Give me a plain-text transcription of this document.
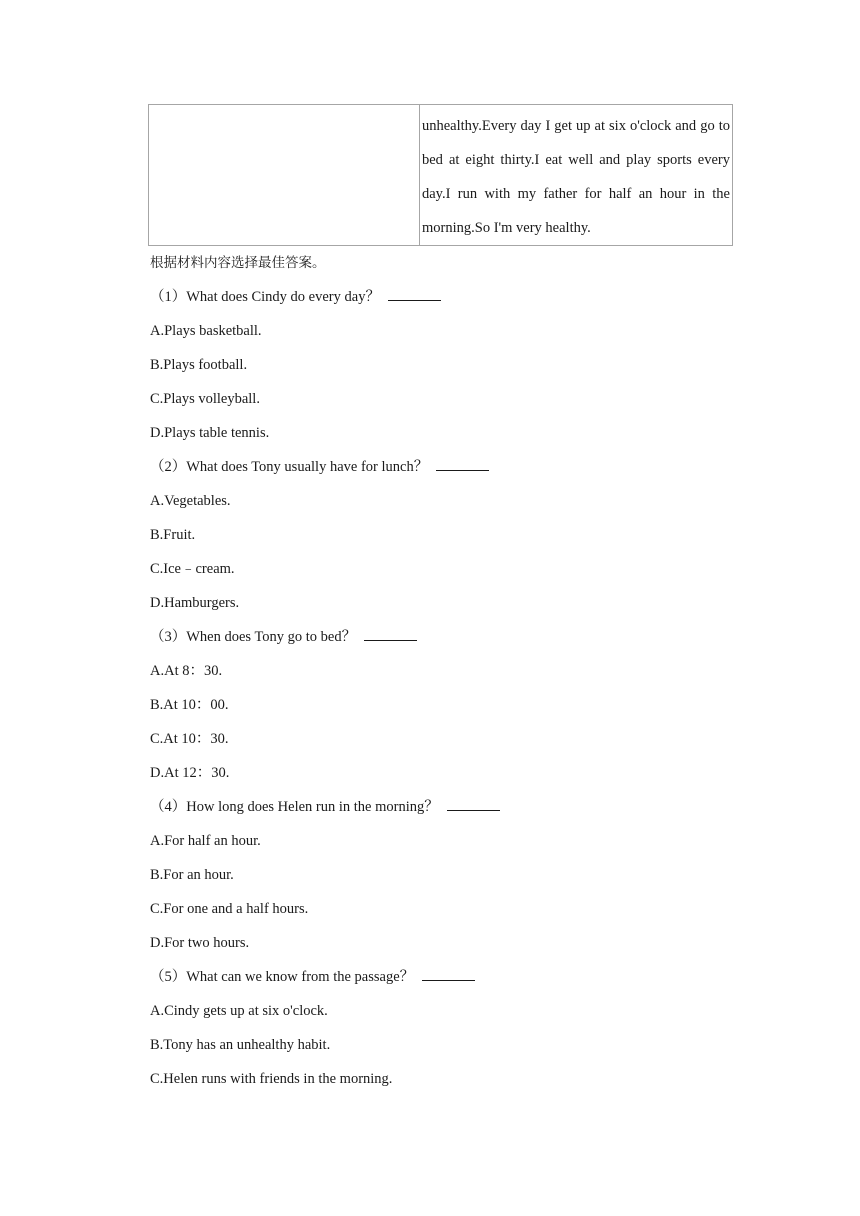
unhealthy.Every day I get up at six o'clock and go to bed at eight thirty.I eat well and play sports every day.I run with my father for half an hour in the morning.So I'm very healthy.
根据材料内容选择最佳答案。
（1）What does Cindy do every day？
A.Plays basketball.
B.Plays football.
C.Plays volleyball.
D.Plays table tennis.
（2）What does Tony usually have for lunch？
A.Vegetables.
B.Fruit.
C.Ice﹣cream.
D.Hamburgers.
（3）When does Tony go to bed？
A.At 8：30.
B.At 10：00.
C.At 10：30.
D.At 12：30.
（4）How long does Helen run in the morning？
A.For half an hour.
B.For an hour.
C.For one and a half hours.
D.For two hours.
（5）What can we know from the passage？
A.Cindy gets up at six o'clock.
B.Tony has an unhealthy habit.
C.Helen runs with friends in the morning.
